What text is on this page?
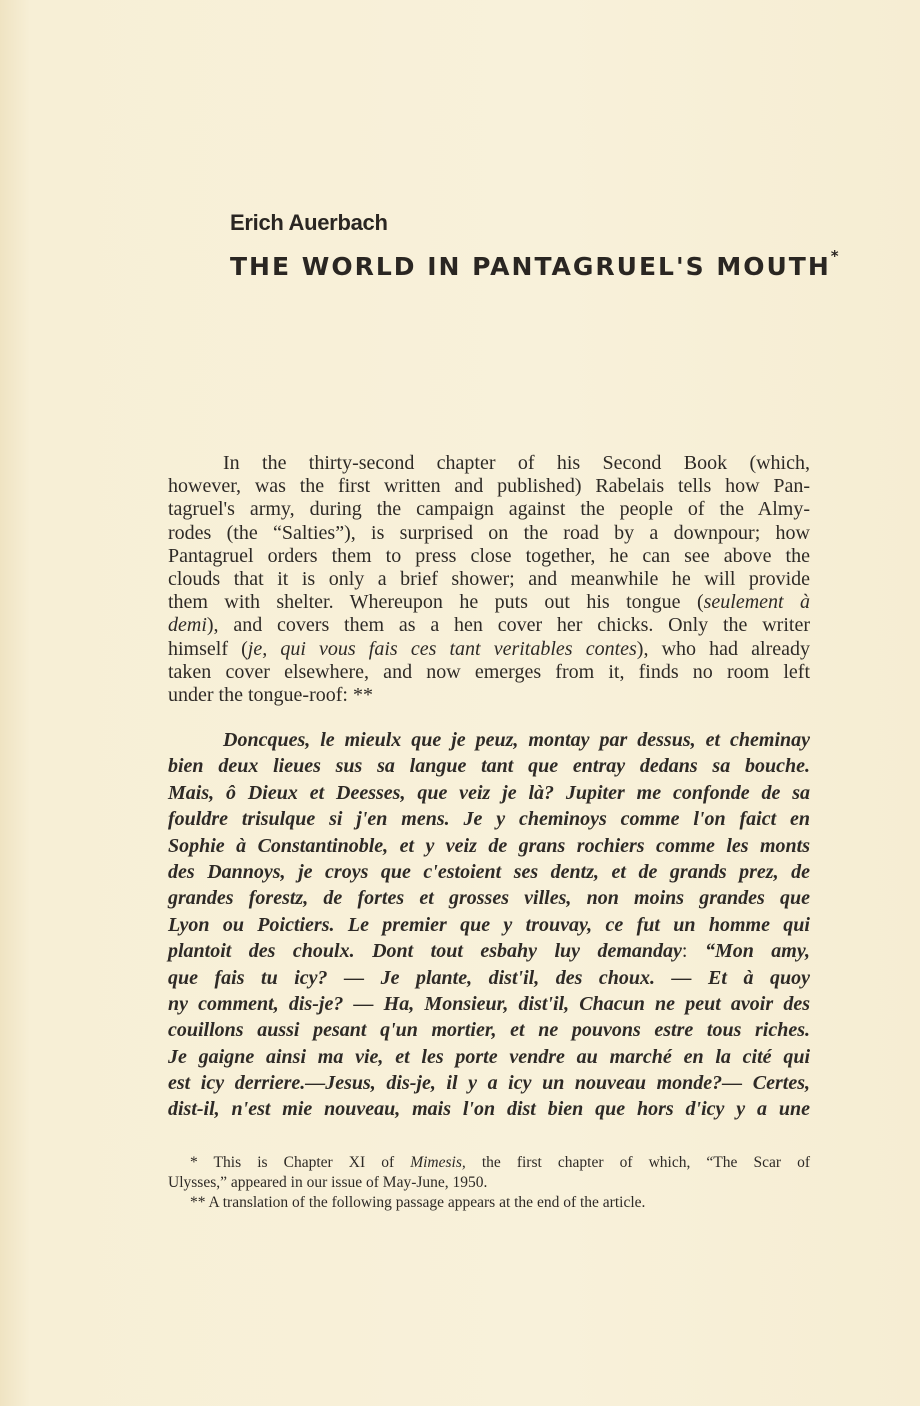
Erich Auerbach
THE WORLD IN PANTAGRUEL'S MOUTH*
In the thirty-second chapter of his Second Book (which,
however, was the first written and published) Rabelais tells how Pan-
tagruel's army, during the campaign against the people of the Almy-
rodes (the “Salties”), is surprised on the road by a downpour; how
Pantagruel orders them to press close together, he can see above the
clouds that it is only a brief shower; and meanwhile he will provide
them with shelter. Whereupon he puts out his tongue (seulement à
demi), and covers them as a hen cover her chicks. Only the writer
himself (je, qui vous fais ces tant veritables contes), who had already
taken cover elsewhere, and now emerges from it, finds no room left
under the tongue-roof: **
Doncques, le mieulx que je peuz, montay par dessus, et cheminay
bien deux lieues sus sa langue tant que entray dedans sa bouche.
Mais, ô Dieux et Deesses, que veiz je là? Jupiter me confonde de sa
fouldre trisulque si j'en mens. Je y cheminoys comme l'on faict en
Sophie à Constantinoble, et y veiz de grans rochiers comme les monts
des Dannoys, je croys que c'estoient ses dentz, et de grands prez, de
grandes forestz, de fortes et grosses villes, non moins grandes que
Lyon ou Poictiers. Le premier que y trouvay, ce fut un homme qui
plantoit des choulx. Dont tout esbahy luy demanday: “Mon amy,
que fais tu icy? — Je plante, dist'il, des choux. — Et à quoy
ny comment, dis-je? — Ha, Monsieur, dist'il, Chacun ne peut avoir des
couillons aussi pesant q'un mortier, et ne pouvons estre tous riches.
Je gaigne ainsi ma vie, et les porte vendre au marché en la cité qui
est icy derriere.—Jesus, dis-je, il y a icy un nouveau monde?— Certes,
dist-il, n'est mie nouveau, mais l'on dist bien que hors d'icy y a une
* This is Chapter XI of Mimesis, the first chapter of which, “The Scar of
Ulysses,” appeared in our issue of May-June, 1950.
** A translation of the following passage appears at the end of the article.
